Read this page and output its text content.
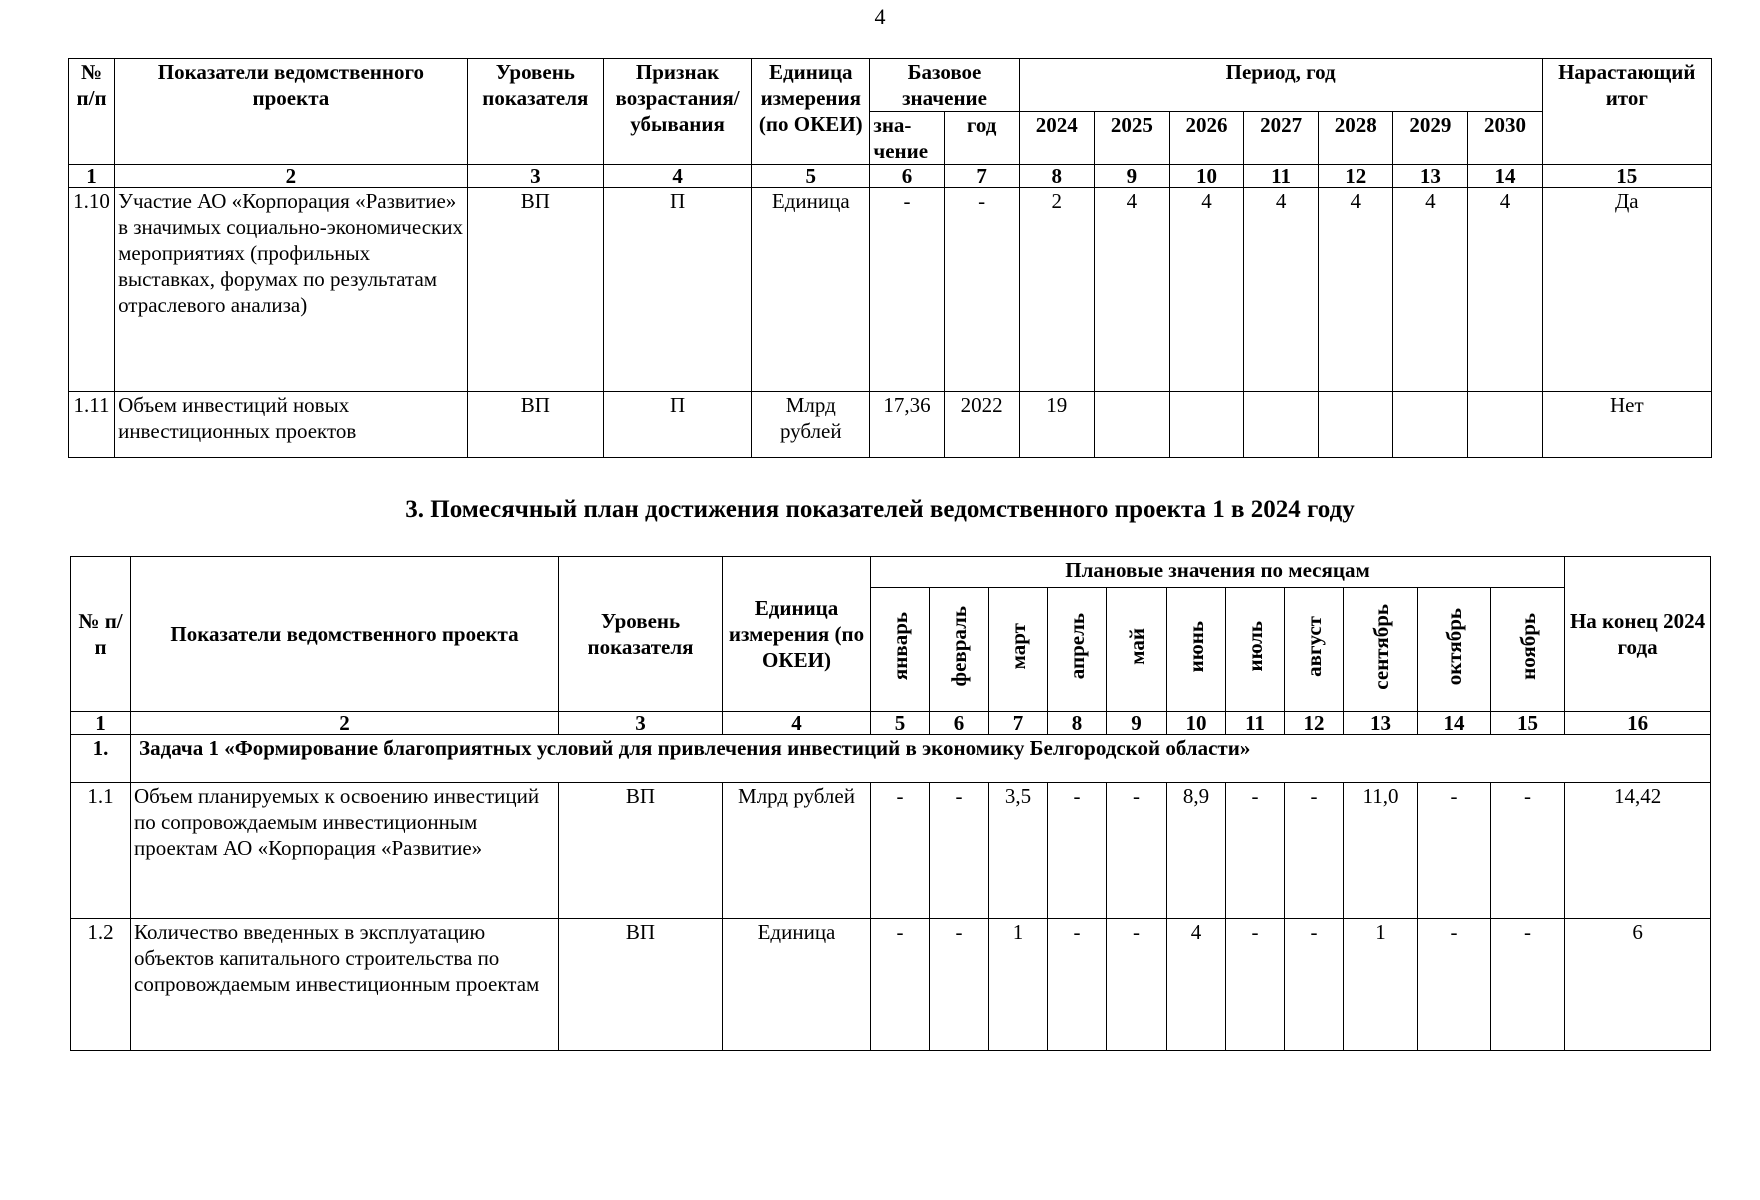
4
№ п/п	Показатели ведомственного проекта	Уровень показателя	Признак возрастания/ убывания	Единица измерения (по ОКЕИ)	Базовое значение		Период, год							Нарастающий итог
					зна- чение	год	2024	2025	2026	2027	2028	2029	2030	
1	2	3	4	5	6	7	8	9	10	11	12	13	14	15
1.10	Участие АО «Корпорация «Развитие» в значимых социально-экономических мероприятиях (профильных выставках, форумах по результатам отраслевого анализа)	ВП	П	Единица	-	-	2	4	4	4	4	4	4	Да
1.11	Объем инвестиций новых инвестиционных проектов	ВП	П	Млрд рублей	17,36	2022	19							Нет
3. Помесячный план достижения показателей ведомственного проекта 1 в 2024 году
№ п/п	Показатели ведомственного проекта	Уровень показателя	Единица измерения (по ОКЕИ)	Плановые значения по месяцам											На конец 2024 года
				январь	февраль	март	апрель	май	июнь	июль	август	сентябрь	октябрь	ноябрь	
1	2	3	4	5	6	7	8	9	10	11	12	13	14	15	16
1.	Задача 1 «Формирование благоприятных условий для привлечения инвестиций в экономику Белгородской области»														
1.1	Объем планируемых к освоению инвестиций по сопровождаемым инвестиционным проектам АО «Корпорация «Развитие»	ВП	Млрд рублей	-	-	3,5	-	-	8,9	-	-	11,0	-	-	14,42
1.2	Количество введенных в эксплуатацию объектов капитального строительства по сопровождаемым инвестиционным проектам	ВП	Единица	-	-	1	-	-	4	-	-	1	-	-	6
